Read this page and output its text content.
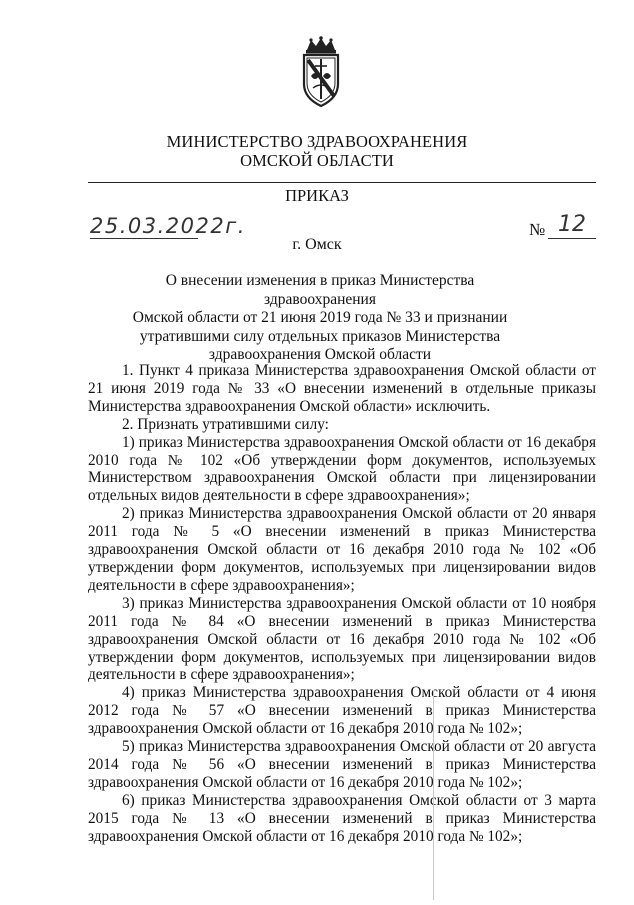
МИНИСТЕРСТВО ЗДРАВООХРАНЕНИЯ
ОМСКОЙ ОБЛАСТИ
ПРИКАЗ
25.03.2022г.	№ 12
г. Омск
О внесении изменения в приказ Министерства здравоохранения
Омской области от 21 июня 2019 года № 33 и признании
утратившими силу отдельных приказов Министерства
здравоохранения Омской области

1. Пункт 4 приказа Министерства здравоохранения Омской области от 21 июня 2019 года № 33 «О внесении изменений в отдельные приказы Министерства здравоохранения Омской области» исключить.

2. Признать утратившими силу:

1) приказ Министерства здравоохранения Омской области от 16 декабря 2010 года № 102 «Об утверждении форм документов, используемых Министерством здравоохранения Омской области при лицензировании отдельных видов деятельности в сфере здравоохранения»;

2) приказ Министерства здравоохранения Омской области от 20 января 2011 года № 5 «О внесении изменений в приказ Министерства здравоохранения Омской области от 16 декабря 2010 года № 102 «Об утверждении форм документов, используемых при лицензировании видов деятельности в сфере здравоохранения»;

3) приказ Министерства здравоохранения Омской области от 10 ноября 2011 года № 84 «О внесении изменений в приказ Министерства здравоохранения Омской области от 16 декабря 2010 года № 102 «Об утверждении форм документов, используемых при лицензировании видов деятельности в сфере здравоохранения»;

4) приказ Министерства здравоохранения Омской области от 4 июня 2012 года № 57 «О внесении изменений в приказ Министерства здравоохранения Омской области от 16 декабря 2010 года № 102»;

5) приказ Министерства здравоохранения Омской области от 20 августа 2014 года № 56 «О внесении изменений в приказ Министерства здравоохранения Омской области от 16 декабря 2010 года № 102»;

6) приказ Министерства здравоохранения Омской области от 3 марта 2015 года № 13 «О внесении изменений в приказ Министерства здравоохранения Омской области от 16 декабря 2010 года № 102»;
